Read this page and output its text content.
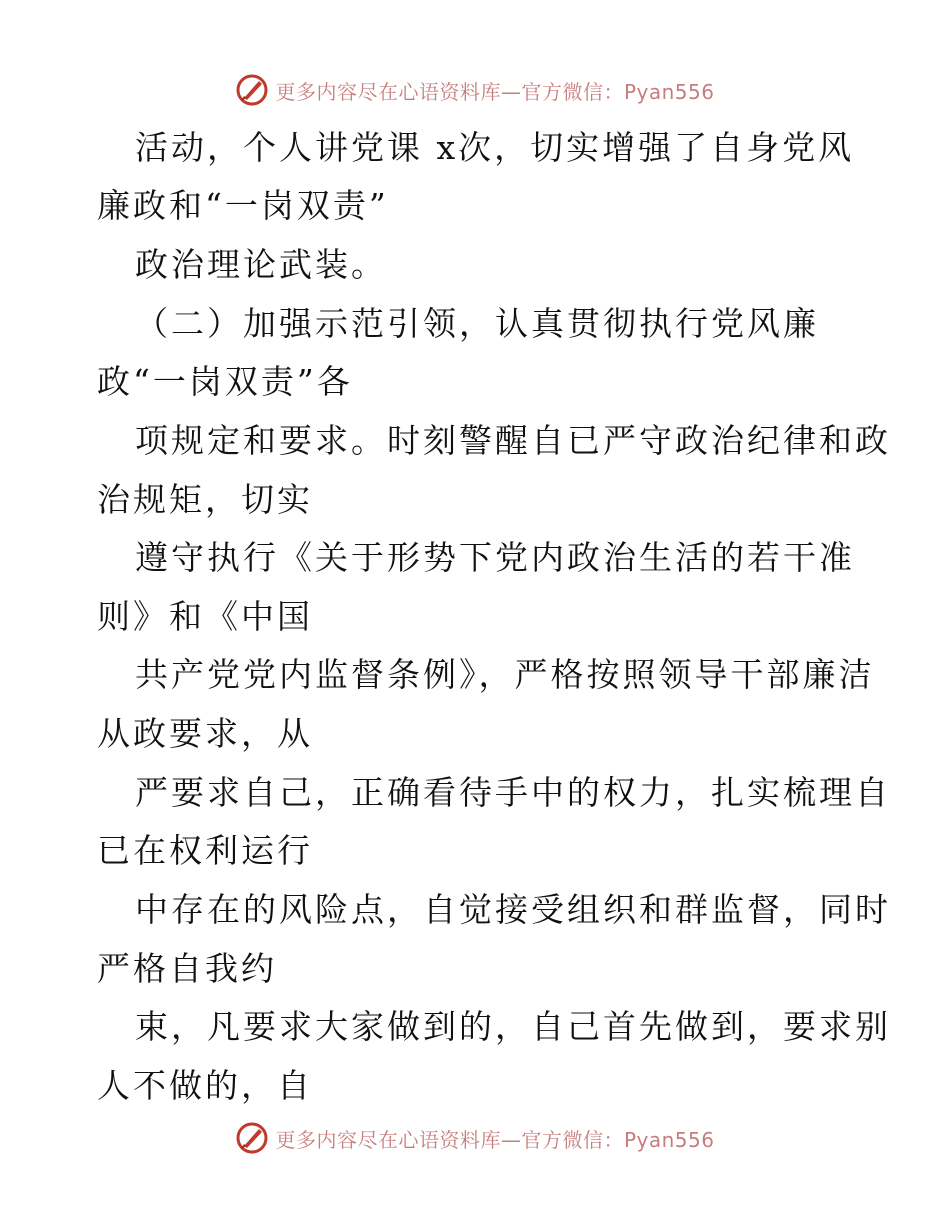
更多内容尽在心语资料库—官方微信：Pyan556
活动，个人讲党课 x次，切实增强了自身党风
廉政和“一岗双责”
政治理论武装。
（二）加强示范引领，认真贯彻执行党风廉
政“一岗双责”各
项规定和要求。时刻警醒自已严守政治纪律和政
治规矩，切实
遵守执行《关于形势下党内政治生活的若干准
则》和《中国
共产党党内监督条例》，严格按照领导干部廉洁
从政要求，从
严要求自己，正确看待手中的权力，扎实梳理自
已在权利运行
中存在的风险点，自觉接受组织和群监督，同时
严格自我约
束，凡要求大家做到的，自己首先做到，要求别
人不做的，自
更多内容尽在心语资料库—官方微信：Pyan556
